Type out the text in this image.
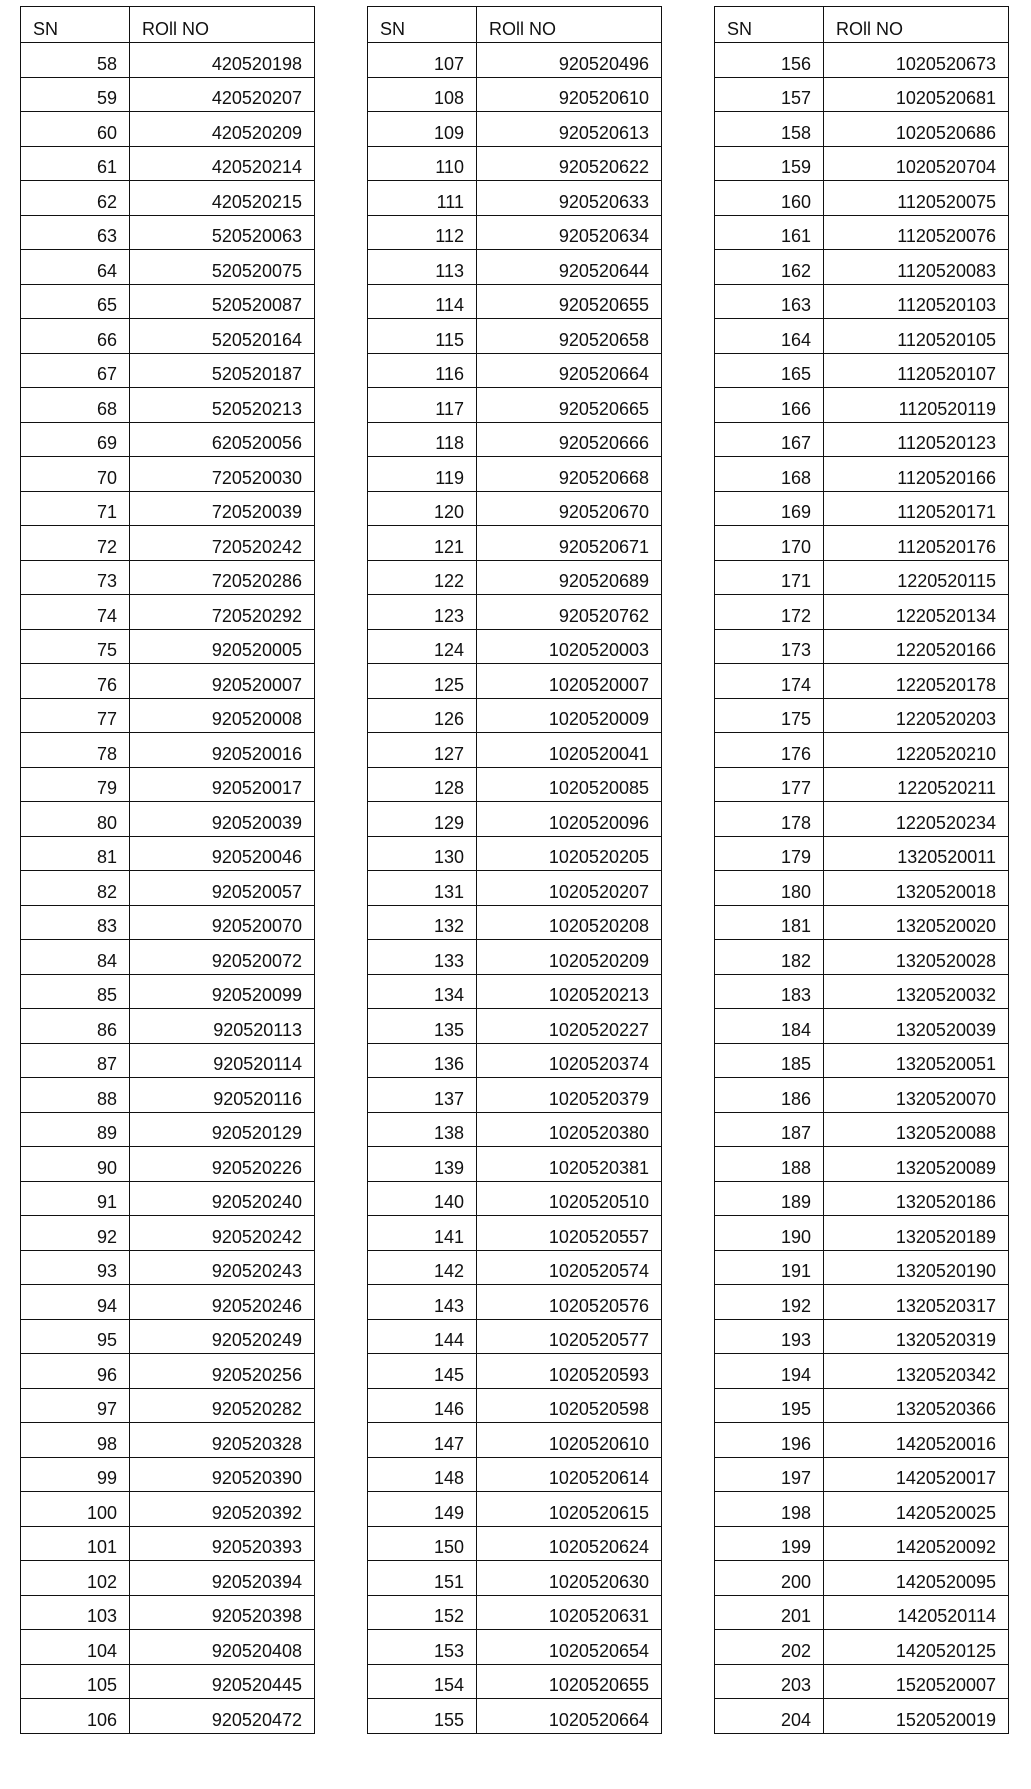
SN	ROll NO
58	420520198
59	420520207
60	420520209
61	420520214
62	420520215
63	520520063
64	520520075
65	520520087
66	520520164
67	520520187
68	520520213
69	620520056
70	720520030
71	720520039
72	720520242
73	720520286
74	720520292
75	920520005
76	920520007
77	920520008
78	920520016
79	920520017
80	920520039
81	920520046
82	920520057
83	920520070
84	920520072
85	920520099
86	920520113
87	920520114
88	920520116
89	920520129
90	920520226
91	920520240
92	920520242
93	920520243
94	920520246
95	920520249
96	920520256
97	920520282
98	920520328
99	920520390
100	920520392
101	920520393
102	920520394
103	920520398
104	920520408
105	920520445
106	920520472
SN	ROll NO
107	920520496
108	920520610
109	920520613
110	920520622
111	920520633
112	920520634
113	920520644
114	920520655
115	920520658
116	920520664
117	920520665
118	920520666
119	920520668
120	920520670
121	920520671
122	920520689
123	920520762
124	1020520003
125	1020520007
126	1020520009
127	1020520041
128	1020520085
129	1020520096
130	1020520205
131	1020520207
132	1020520208
133	1020520209
134	1020520213
135	1020520227
136	1020520374
137	1020520379
138	1020520380
139	1020520381
140	1020520510
141	1020520557
142	1020520574
143	1020520576
144	1020520577
145	1020520593
146	1020520598
147	1020520610
148	1020520614
149	1020520615
150	1020520624
151	1020520630
152	1020520631
153	1020520654
154	1020520655
155	1020520664
SN	ROll NO
156	1020520673
157	1020520681
158	1020520686
159	1020520704
160	1120520075
161	1120520076
162	1120520083
163	1120520103
164	1120520105
165	1120520107
166	1120520119
167	1120520123
168	1120520166
169	1120520171
170	1120520176
171	1220520115
172	1220520134
173	1220520166
174	1220520178
175	1220520203
176	1220520210
177	1220520211
178	1220520234
179	1320520011
180	1320520018
181	1320520020
182	1320520028
183	1320520032
184	1320520039
185	1320520051
186	1320520070
187	1320520088
188	1320520089
189	1320520186
190	1320520189
191	1320520190
192	1320520317
193	1320520319
194	1320520342
195	1320520366
196	1420520016
197	1420520017
198	1420520025
199	1420520092
200	1420520095
201	1420520114
202	1420520125
203	1520520007
204	1520520019
